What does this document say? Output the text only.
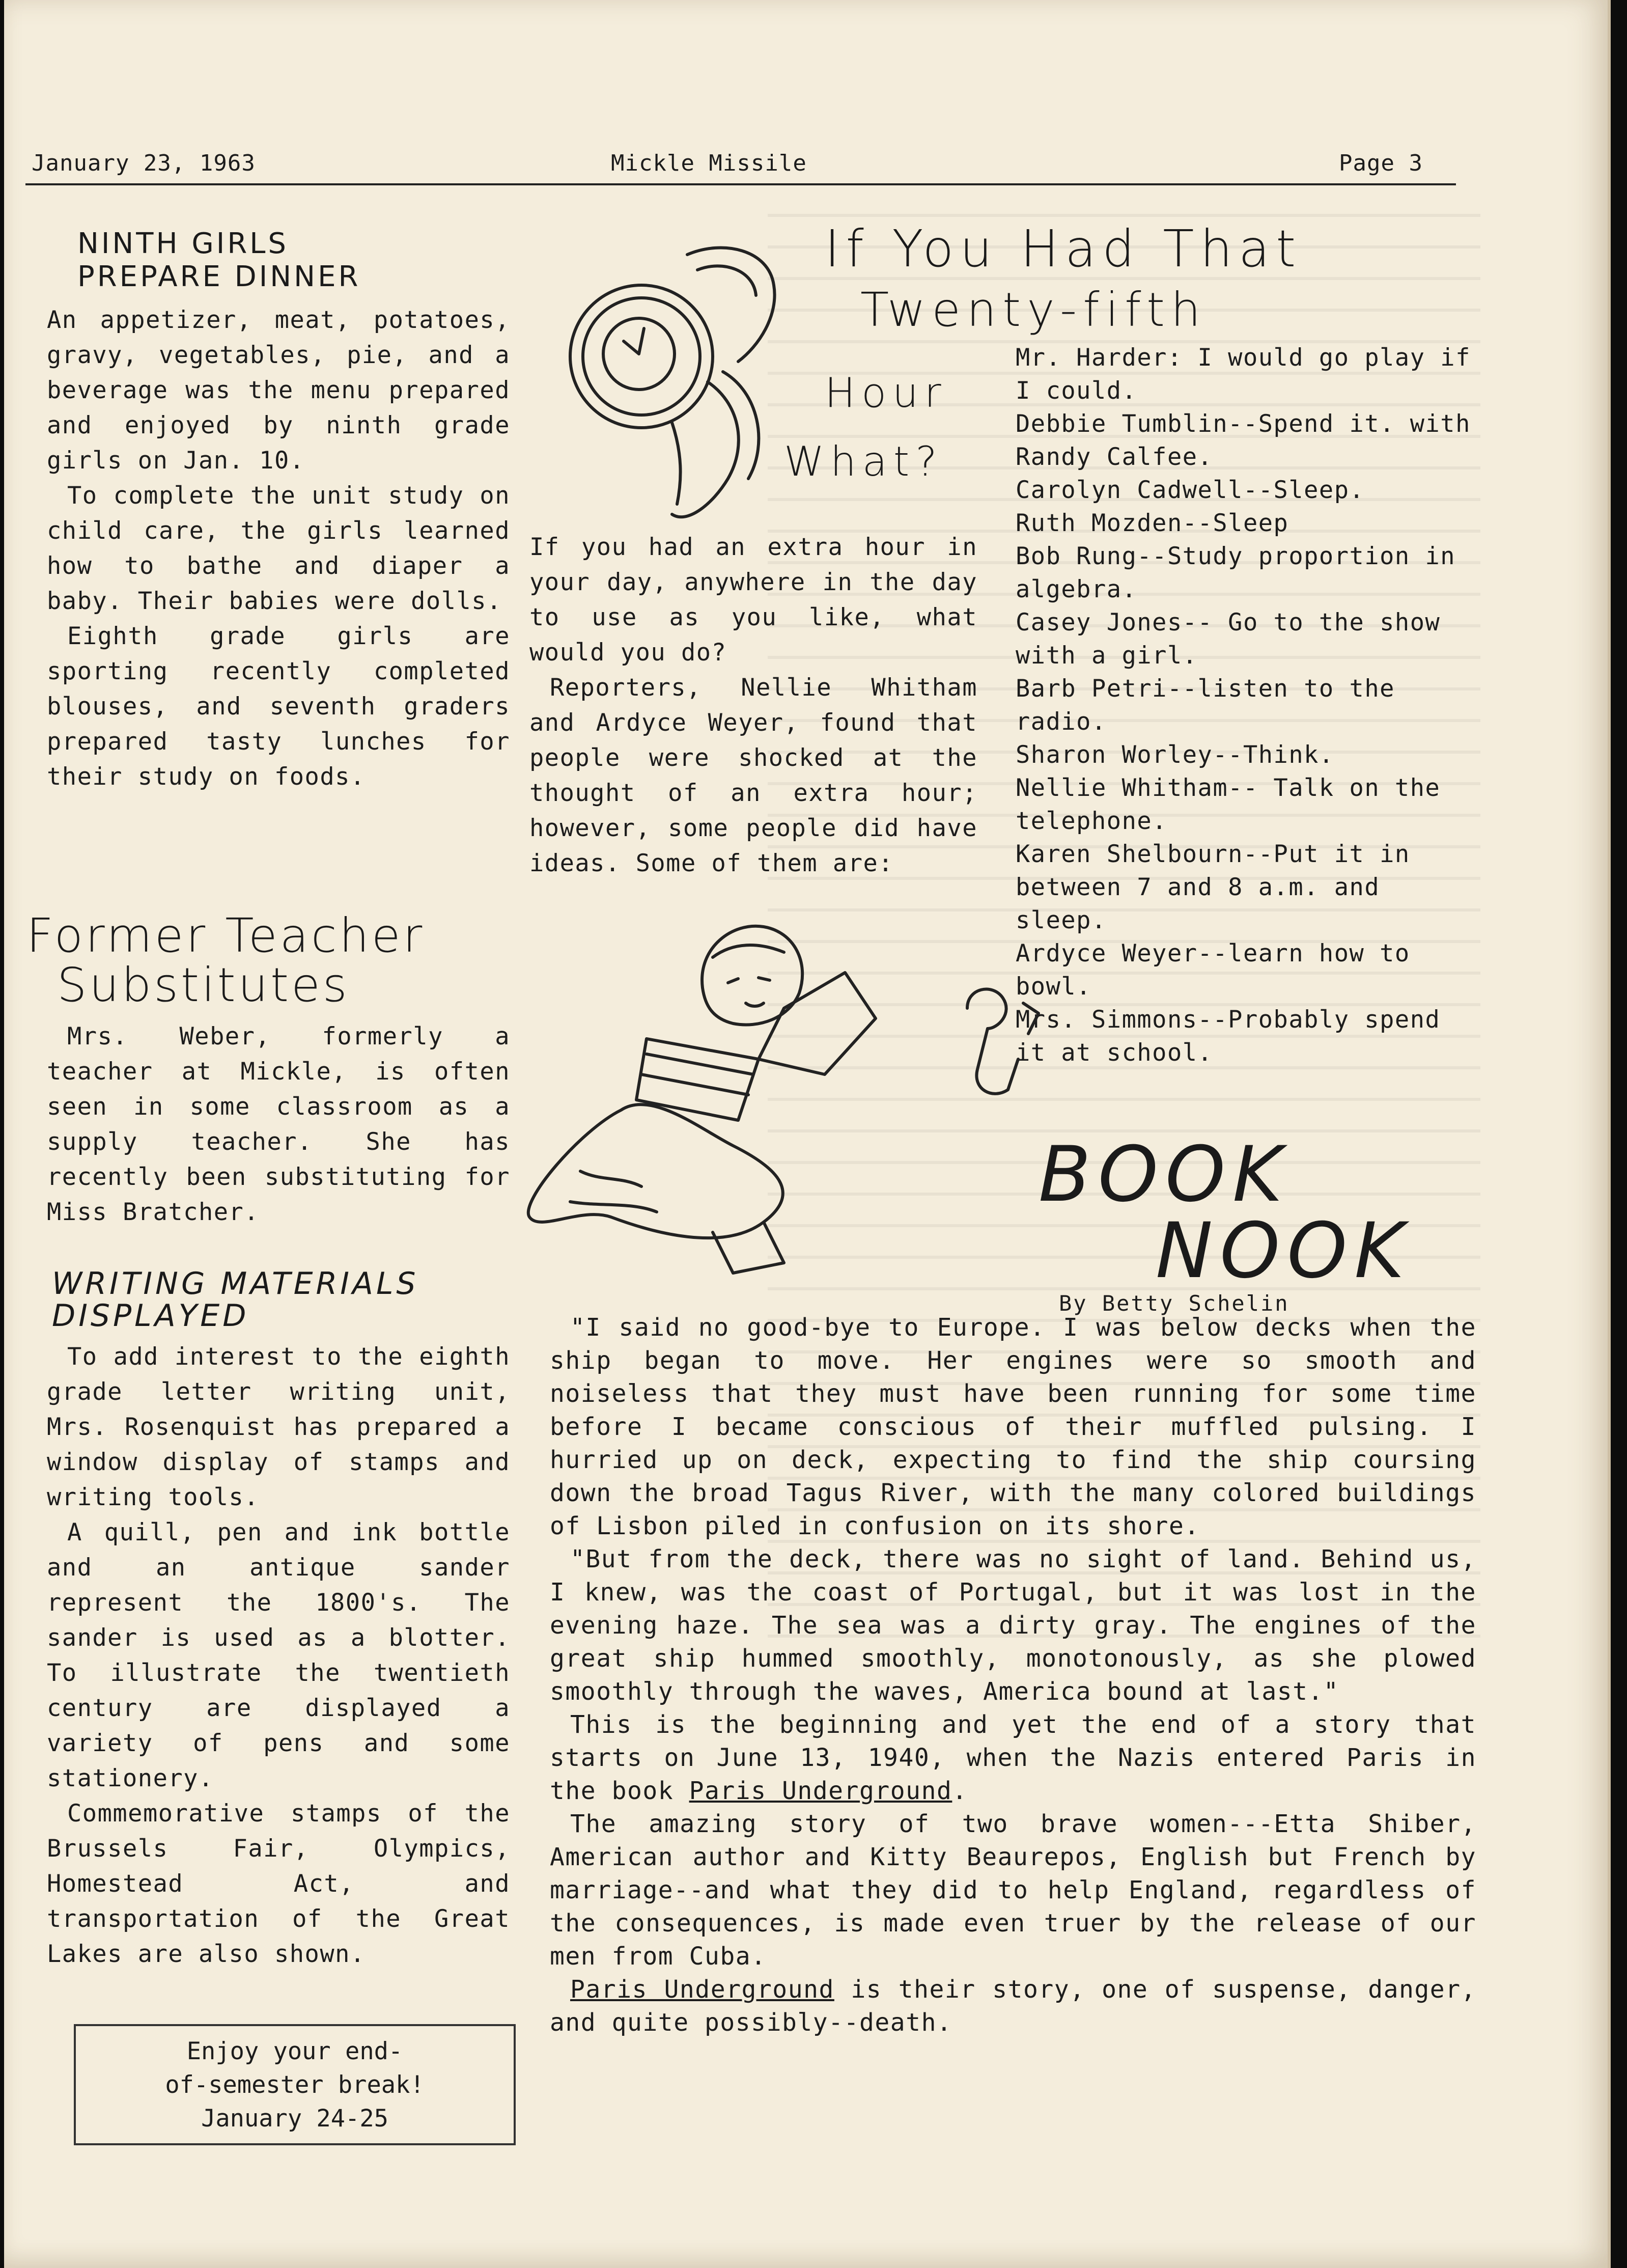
January 23, 1963	Mickle Missile	Page 3
NINTH GIRLS
PREPARE DINNER

An appetizer, meat, potatoes, gravy, vegetables, pie, and a beverage was the menu prepared and enjoyed by ninth grade girls on Jan. 10.

To complete the unit study on child care, the girls learned how to bathe and diaper a baby. Their babies were dolls.

Eighth grade girls are sporting recently completed blouses, and seventh graders prepared tasty lunches for their study on foods.

Former Teacher
Substitutes

Mrs. Weber, formerly a teacher at Mickle, is often seen in some classroom as a supply teacher. She has recently been substituting for Miss Bratcher.

WRITING MATERIALS
DISPLAYED

To add interest to the eighth grade letter writing unit, Mrs. Rosenquist has prepared a window display of stamps and writing tools.

A quill, pen and ink bottle and an antique sander represent the 1800's. The sander is used as a blotter. To illustrate the twentieth century are displayed a variety of pens and some stationery.

Commemorative stamps of the Brussels Fair, Olympics, Homestead Act, and transportation of the Great Lakes are also shown.

Enjoy your end-
of-semester break!
January 24-25
If You Had That
Twenty-fifth
Hour
What?

If you had an extra hour in your day, anywhere in the day to use as you like, what would you do?

Reporters, Nellie Whitham and Ardyce Weyer, found that people were shocked at the thought of an extra hour; however, some people did have ideas. Some of them are:

Mr. Harder: I would go play if I could.
Debbie Tumblin--Spend it. with Randy Calfee.
Carolyn Cadwell--Sleep.
Ruth Mozden--Sleep
Bob Rung--Study proportion in algebra.
Casey Jones-- Go to the show with a girl.
Barb Petri--listen to the radio.
Sharon Worley--Think.
Nellie Whitham-- Talk on the telephone.
Karen Shelbourn--Put it in between 7 and 8 a.m. and sleep.
Ardyce Weyer--learn how to bowl.
Mrs. Simmons--Probably spend it at school.
BOOK
NOOK
By Betty Schelin

"I said no good-bye to Europe. I was below decks when the ship began to move. Her engines were so smooth and noiseless that they must have been running for some time before I became conscious of their muffled pulsing. I hurried up on deck, expecting to find the ship coursing down the broad Tagus River, with the many colored buildings of Lisbon piled in confusion on its shore.

"But from the deck, there was no sight of land. Behind us, I knew, was the coast of Portugal, but it was lost in the evening haze. The sea was a dirty gray. The engines of the great ship hummed smoothly, monotonously, as she plowed smoothly through the waves, America bound at last."

This is the beginning and yet the end of a story that starts on June 13, 1940, when the Nazis entered Paris in the book Paris Underground.

The amazing story of two brave women---Etta Shiber, American author and Kitty Beaurepos, English but French by marriage--and what they did to help England, regardless of the consequences, is made even truer by the release of our men from Cuba.

Paris Underground is their story, one of suspense, danger, and quite possibly--death.
